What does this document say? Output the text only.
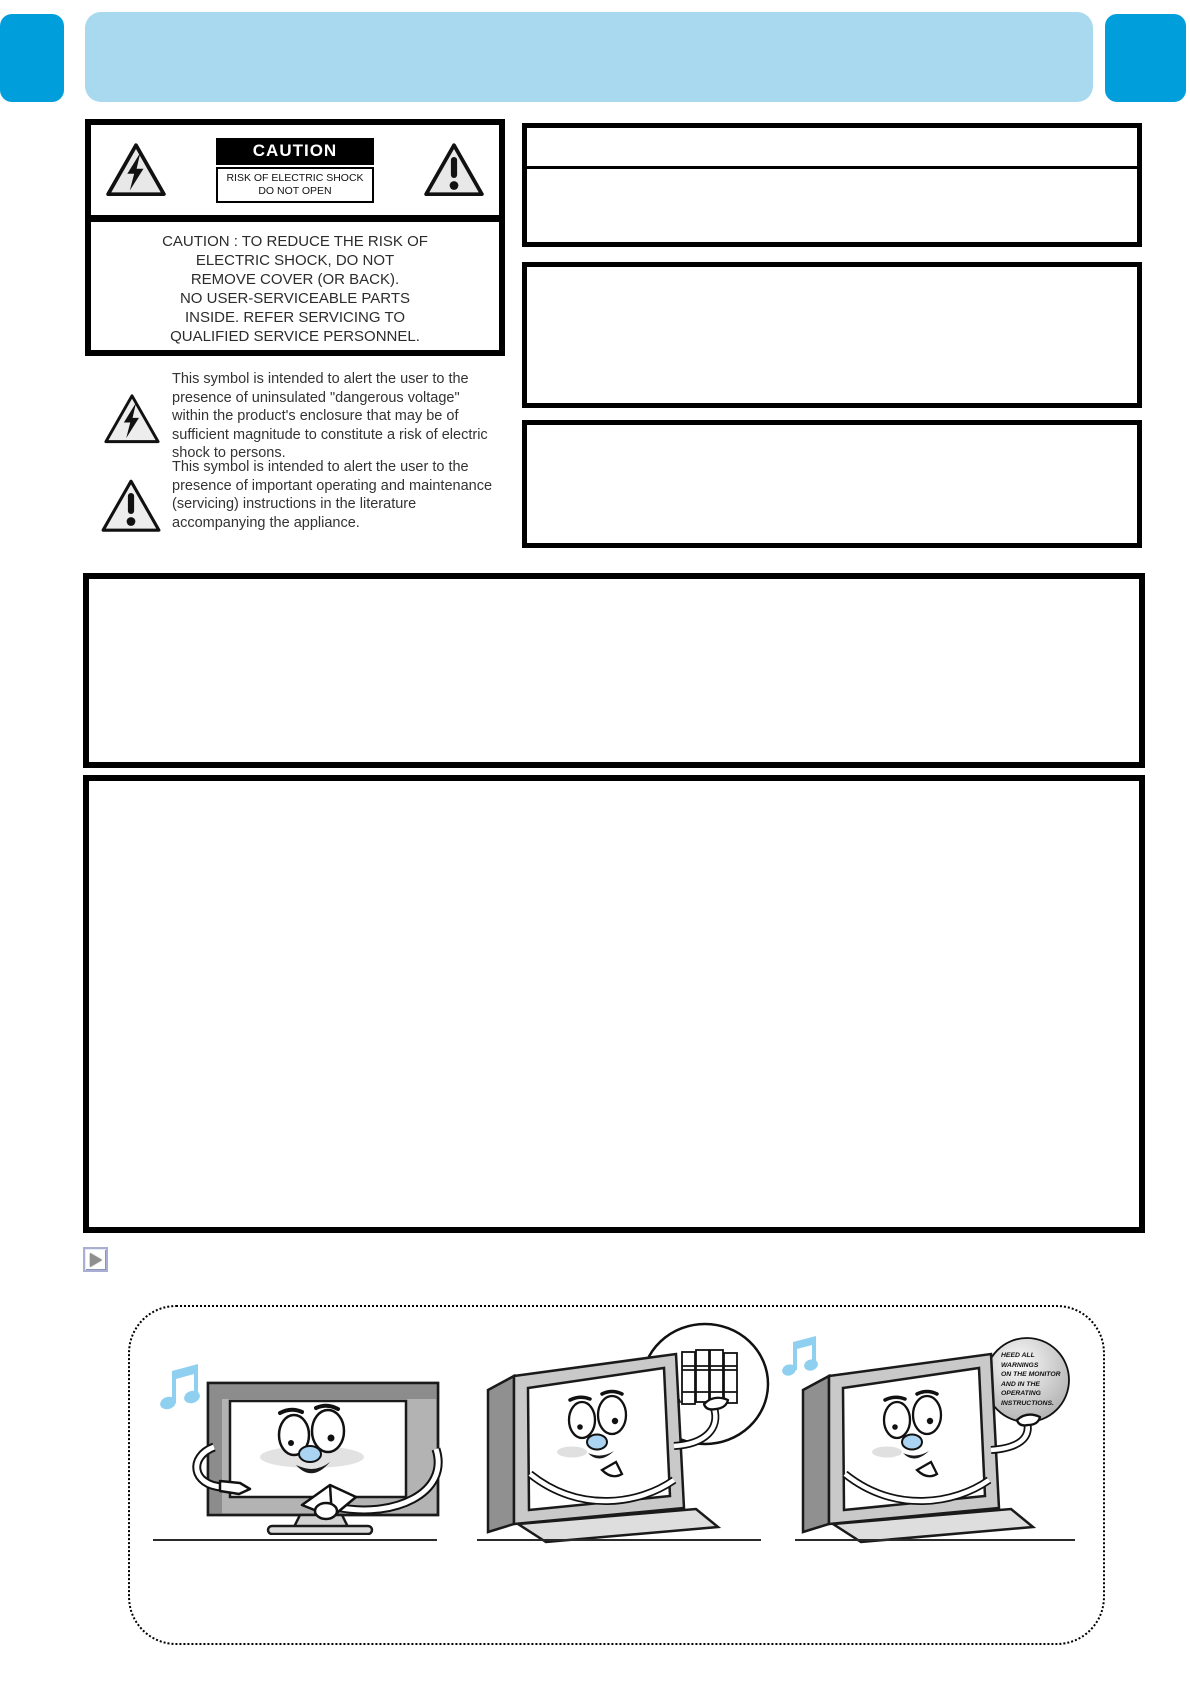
CAUTION
RISK OF ELECTRIC SHOCK
DO NOT OPEN
CAUTION : TO REDUCE THE RISK OF
ELECTRIC SHOCK, DO NOT
REMOVE COVER (OR BACK).
NO USER-SERVICEABLE PARTS
INSIDE. REFER SERVICING TO
QUALIFIED SERVICE PERSONNEL.
This symbol is intended to alert the user to the presence of uninsulated "dangerous voltage" within the product's enclosure that may be of sufficient magnitude to constitute a risk of electric shock to persons.
This symbol is intended to alert the user to the presence of important operating and maintenance (servicing) instructions in the literature accompanying the appliance.
HEED ALL
WARNINGS
ON THE MONITOR
AND IN THE
OPERATING
INSTRUCTIONS.
